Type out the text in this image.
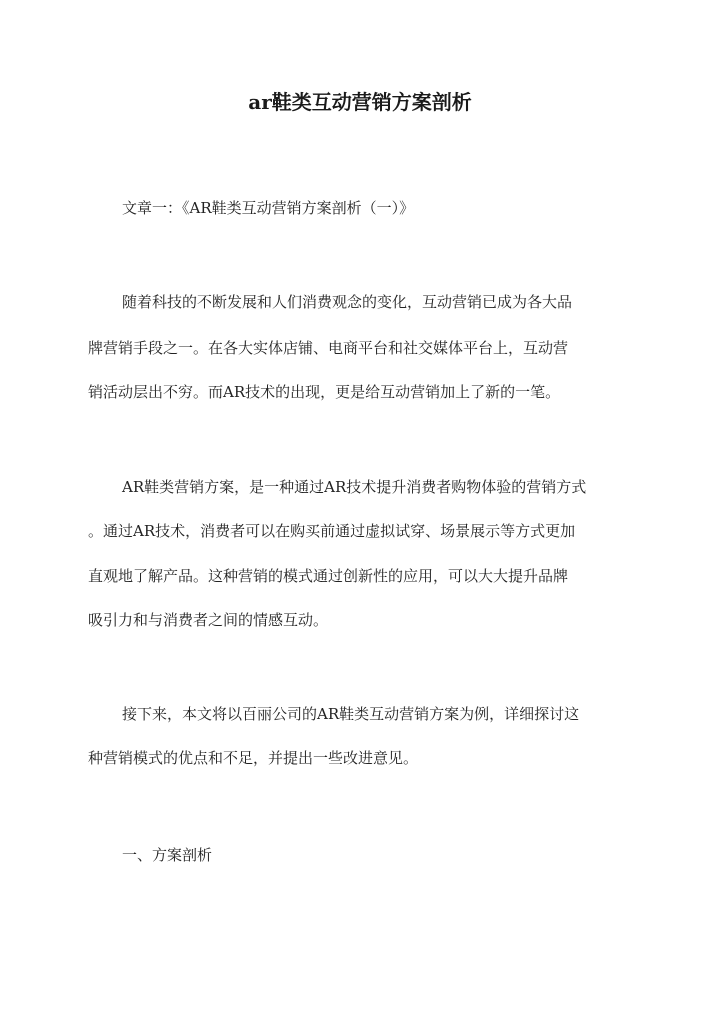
ar鞋类互动营销方案剖析
文章一：《AR鞋类互动营销方案剖析（一）》
随着科技的不断发展和人们消费观念的变化，互动营销已成为各大品
牌营销手段之一。在各大实体店铺、电商平台和社交媒体平台上，互动营
销活动层出不穷。而AR技术的出现，更是给互动营销加上了新的一笔。
AR鞋类营销方案，是一种通过AR技术提升消费者购物体验的营销方式
。通过AR技术，消费者可以在购买前通过虚拟试穿、场景展示等方式更加
直观地了解产品。这种营销的模式通过创新性的应用，可以大大提升品牌
吸引力和与消费者之间的情感互动。
接下来，本文将以百丽公司的AR鞋类互动营销方案为例，详细探讨这
种营销模式的优点和不足，并提出一些改进意见。
一、方案剖析
